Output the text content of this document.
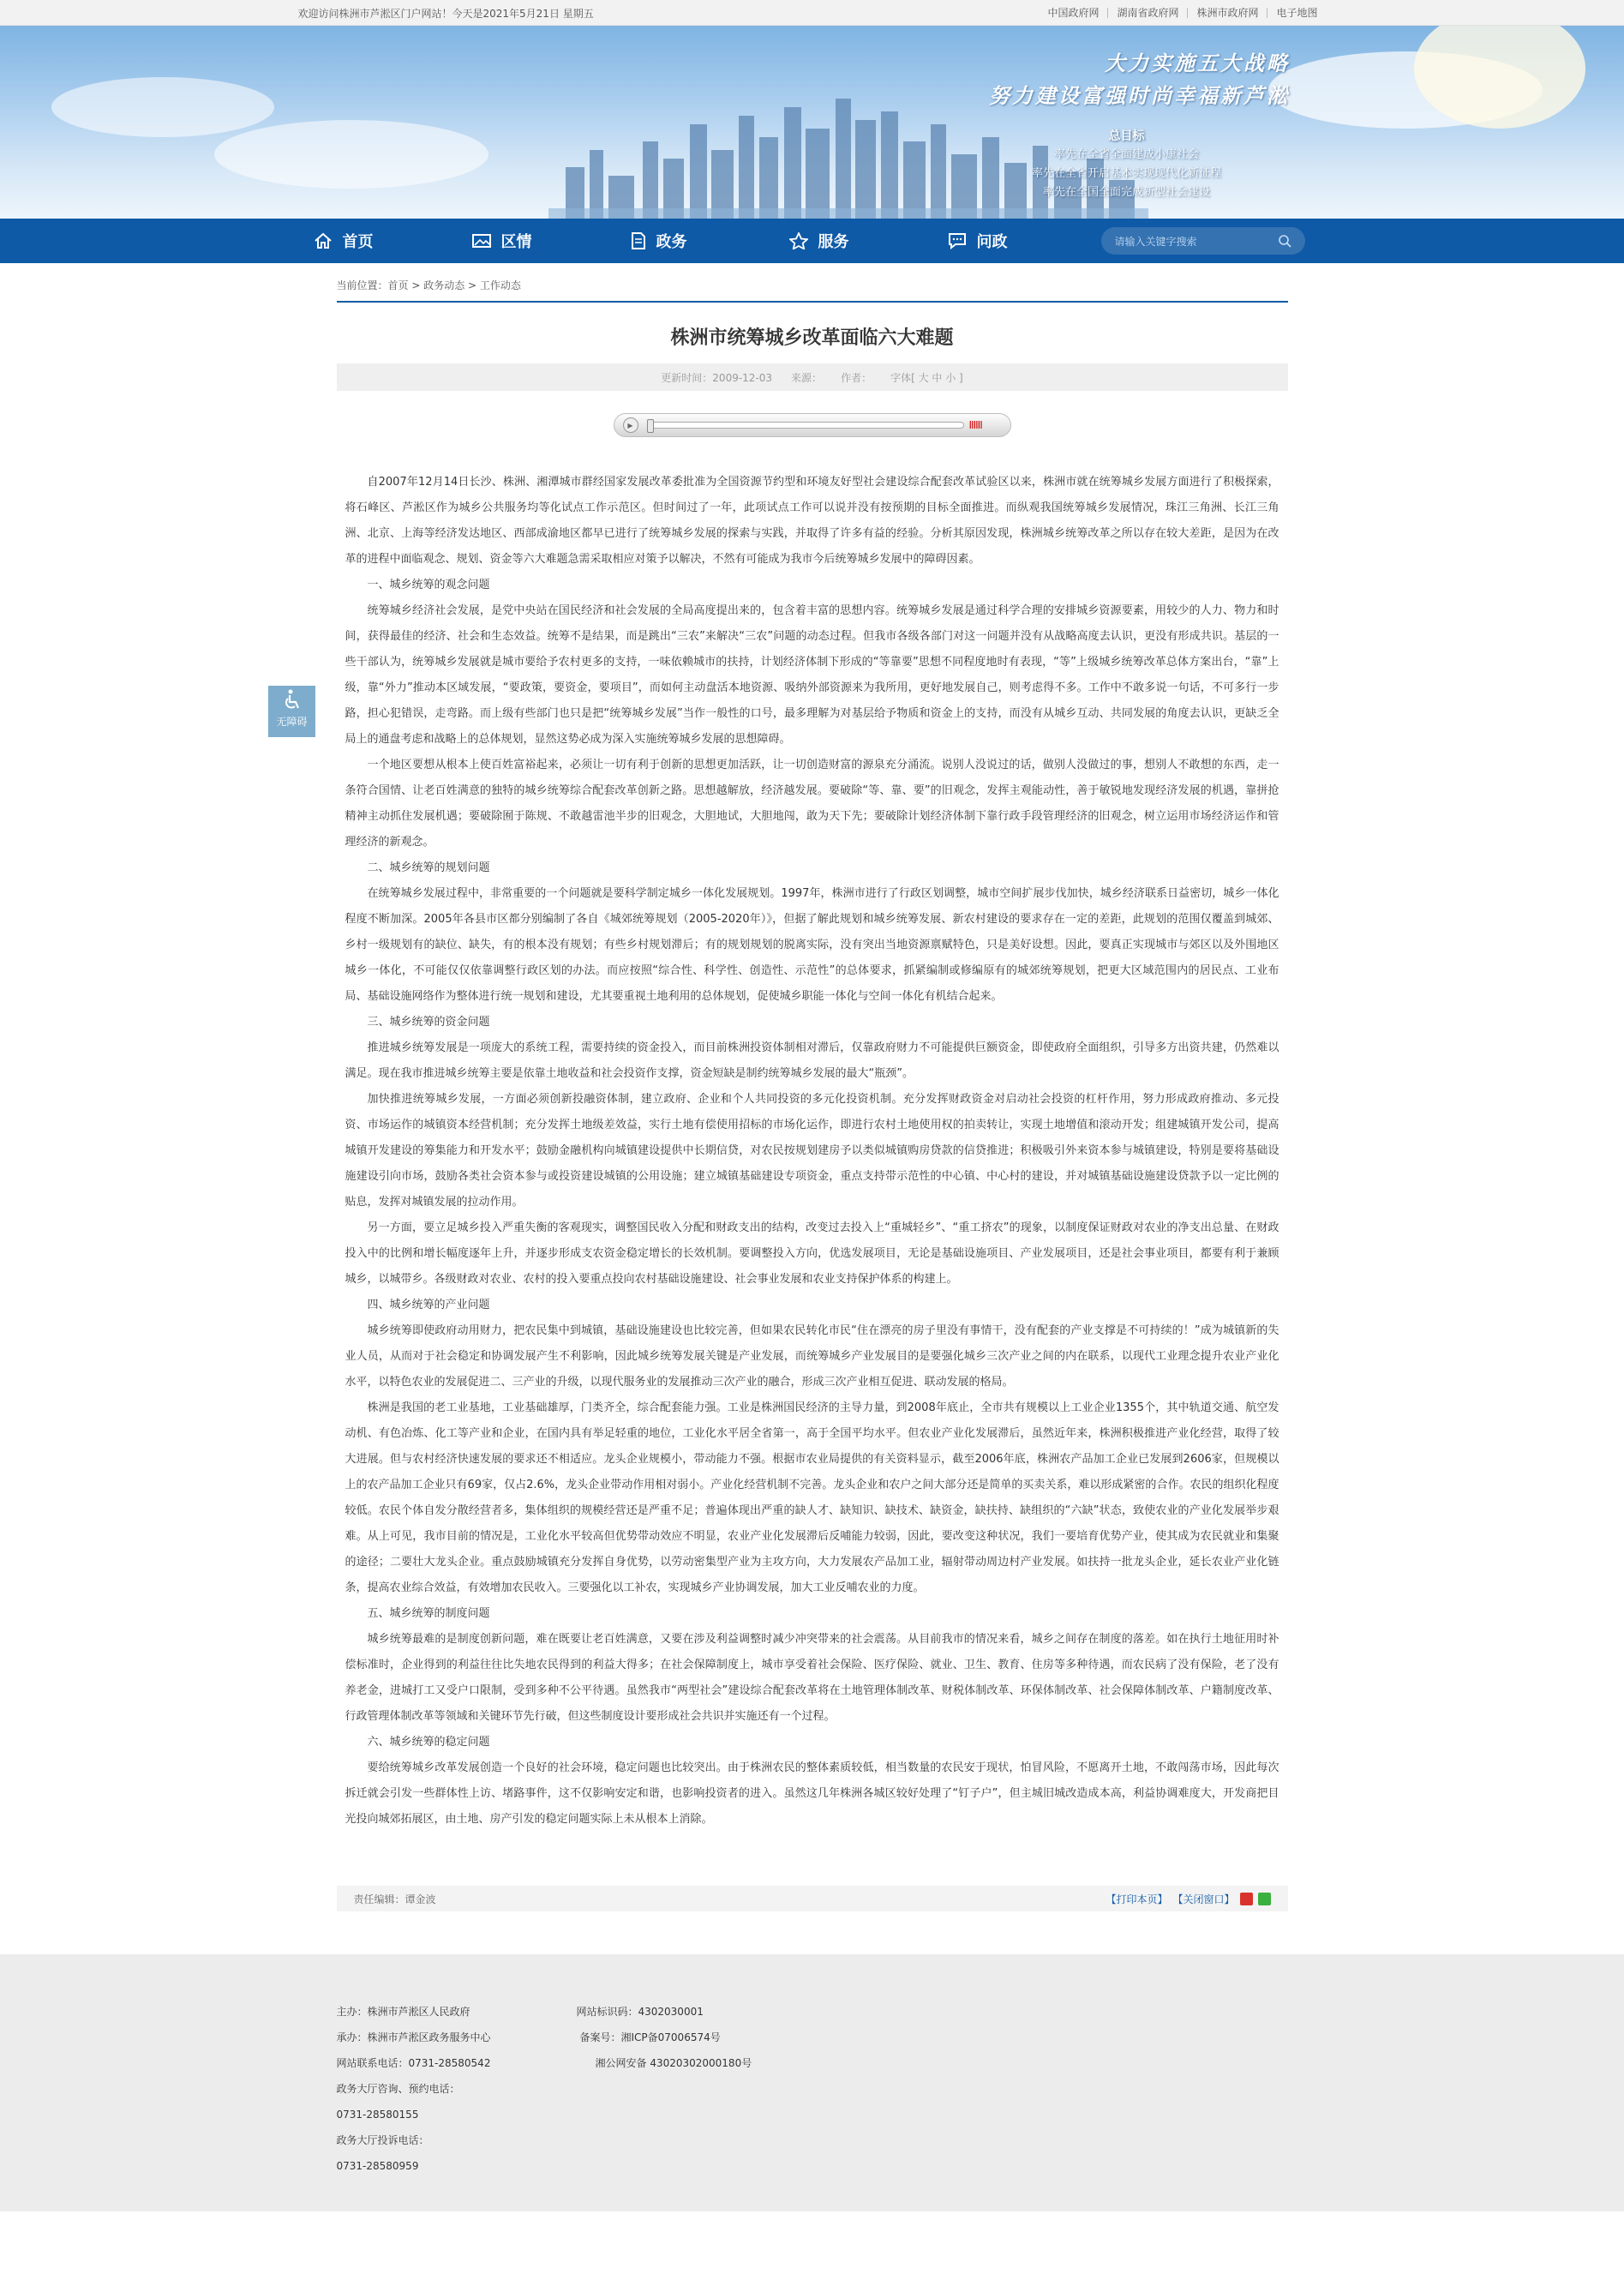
欢迎访问株洲市芦淞区门户网站！今天是2021年5月21日 星期五	中国政府网	湖南省政府网	株洲市政府网	电子地图
大力实施五大战略
努力建设富强时尚幸福新芦淞
总目标
率先在全省全面建成小康社会
率先在全省开启基本实现现代化新征程
率先在全国全面完成新型社会建设
首页	区情	政务	服务	问政	请输入关键字搜索
无障碍
当前位置：首页 > 政务动态 > 工作动态
株洲市统筹城乡改革面临六大难题
更新时间：2009-12-03 来源： 作者： 字体[ 大 中 小 ]
▶	IIIIII

自2007年12月14日长沙、株洲、湘潭城市群经国家发展改革委批准为全国资源节约型和环境友好型社会建设综合配套改革试验区以来，株洲市就在统筹城乡发展方面进行了积极探索，将石峰区、芦淞区作为城乡公共服务均等化试点工作示范区。但时间过了一年，此项试点工作可以说并没有按预期的目标全面推进。而纵观我国统筹城乡发展情况，珠江三角洲、长江三角洲、北京、上海等经济发达地区、西部成渝地区都早已进行了统筹城乡发展的探索与实践，并取得了许多有益的经验。分析其原因发现，株洲城乡统筹改革之所以存在较大差距，是因为在改革的进程中面临观念、规划、资金等六大难题急需采取相应对策予以解决，不然有可能成为我市今后统筹城乡发展中的障碍因素。

一、城乡统筹的观念问题

统筹城乡经济社会发展，是党中央站在国民经济和社会发展的全局高度提出来的，包含着丰富的思想内容。统筹城乡发展是通过科学合理的安排城乡资源要素，用较少的人力、物力和时间，获得最佳的经济、社会和生态效益。统筹不是结果，而是跳出“三农”来解决“三农”问题的动态过程。但我市各级各部门对这一问题并没有从战略高度去认识，更没有形成共识。基层的一些干部认为，统筹城乡发展就是城市要给予农村更多的支持，一味依赖城市的扶持，计划经济体制下形成的“等靠要”思想不同程度地时有表现，“等”上级城乡统筹改革总体方案出台，“靠”上级，靠“外力”推动本区域发展，“要政策，要资金，要项目”，而如何主动盘活本地资源、吸纳外部资源来为我所用，更好地发展自己，则考虑得不多。工作中不敢多说一句话，不可多行一步路，担心犯错误，走弯路。而上级有些部门也只是把“统筹城乡发展”当作一般性的口号，最多理解为对基层给予物质和资金上的支持，而没有从城乡互动、共同发展的角度去认识，更缺乏全局上的通盘考虑和战略上的总体规划，显然这势必成为深入实施统筹城乡发展的思想障碍。

一个地区要想从根本上使百姓富裕起来，必须让一切有利于创新的思想更加活跃，让一切创造财富的源泉充分涌流。说别人没说过的话，做别人没做过的事，想别人不敢想的东西，走一条符合国情、让老百姓满意的独特的城乡统筹综合配套改革创新之路。思想越解放，经济越发展。要破除“等、靠、要”的旧观念，发挥主观能动性，善于敏锐地发现经济发展的机遇，靠拼抢精神主动抓住发展机遇；要破除囿于陈规、不敢越雷池半步的旧观念，大胆地试，大胆地闯，敢为天下先；要破除计划经济体制下靠行政手段管理经济的旧观念，树立运用市场经济运作和管理经济的新观念。

二、城乡统筹的规划问题

在统筹城乡发展过程中，非常重要的一个问题就是要科学制定城乡一体化发展规划。1997年，株洲市进行了行政区划调整，城市空间扩展步伐加快，城乡经济联系日益密切，城乡一体化程度不断加深。2005年各县市区都分别编制了各自《城郊统筹规划（2005-2020年）》，但据了解此规划和城乡统筹发展、新农村建设的要求存在一定的差距，此规划的范围仅覆盖到城郊、乡村一级规划有的缺位、缺失，有的根本没有规划；有些乡村规划滞后；有的规划规划的脱离实际，没有突出当地资源禀赋特色，只是美好设想。因此，要真正实现城市与郊区以及外围地区城乡一体化，不可能仅仅依靠调整行政区划的办法。而应按照“综合性、科学性、创造性、示范性”的总体要求，抓紧编制或修编原有的城郊统筹规划，把更大区域范围内的居民点、工业布局、基础设施网络作为整体进行统一规划和建设，尤其要重视土地利用的总体规划，促使城乡职能一体化与空间一体化有机结合起来。

三、城乡统筹的资金问题

推进城乡统筹发展是一项庞大的系统工程，需要持续的资金投入，而目前株洲投资体制相对滞后，仅靠政府财力不可能提供巨额资金，即使政府全面组织，引导多方出资共建，仍然难以满足。现在我市推进城乡统筹主要是依靠土地收益和社会投资作支撑，资金短缺是制约统筹城乡发展的最大“瓶颈”。

加快推进统筹城乡发展，一方面必须创新投融资体制，建立政府、企业和个人共同投资的多元化投资机制。充分发挥财政资金对启动社会投资的杠杆作用，努力形成政府推动、多元投资、市场运作的城镇资本经营机制；充分发挥土地级差效益，实行土地有偿使用招标的市场化运作，即进行农村土地使用权的拍卖转让，实现土地增值和滚动开发；组建城镇开发公司，提高城镇开发建设的筹集能力和开发水平；鼓励金融机构向城镇建设提供中长期信贷，对农民按规划建房予以类似城镇购房贷款的信贷推进；积极吸引外来资本参与城镇建设，特别是要将基础设施建设引向市场，鼓励各类社会资本参与或投资建设城镇的公用设施；建立城镇基础建设专项资金，重点支持带示范性的中心镇、中心村的建设，并对城镇基础设施建设贷款予以一定比例的贴息，发挥对城镇发展的拉动作用。

另一方面，要立足城乡投入严重失衡的客观现实，调整国民收入分配和财政支出的结构，改变过去投入上“重城轻乡”、“重工挤农”的现象，以制度保证财政对农业的净支出总量、在财政投入中的比例和增长幅度逐年上升，并逐步形成支农资金稳定增长的长效机制。要调整投入方向，优选发展项目，无论是基础设施项目、产业发展项目，还是社会事业项目，都要有利于兼顾城乡，以城带乡。各级财政对农业、农村的投入要重点投向农村基础设施建设、社会事业发展和农业支持保护体系的构建上。

四、城乡统筹的产业问题

城乡统筹即使政府动用财力，把农民集中到城镇，基础设施建设也比较完善，但如果农民转化市民“住在漂亮的房子里没有事情干，没有配套的产业支撑是不可持续的！”成为城镇新的失业人员，从而对于社会稳定和协调发展产生不利影响，因此城乡统筹发展关键是产业发展，而统筹城乡产业发展目的是要强化城乡三次产业之间的内在联系，以现代工业理念提升农业产业化水平，以特色农业的发展促进二、三产业的升级，以现代服务业的发展推动三次产业的融合，形成三次产业相互促进、联动发展的格局。

株洲是我国的老工业基地，工业基础雄厚，门类齐全，综合配套能力强。工业是株洲国民经济的主导力量，到2008年底止，全市共有规模以上工业企业1355个，其中轨道交通、航空发动机、有色冶炼、化工等产业和企业，在国内具有举足轻重的地位，工业化水平居全省第一，高于全国平均水平。但农业产业化发展滞后，虽然近年来，株洲积极推进产业化经营，取得了较大进展。但与农村经济快速发展的要求还不相适应。龙头企业规模小，带动能力不强。根据市农业局提供的有关资料显示，截至2006年底，株洲农产品加工企业已发展到2606家，但规模以上的农产品加工企业只有69家，仅占2.6%，龙头企业带动作用相对弱小。产业化经营机制不完善。龙头企业和农户之间大部分还是简单的买卖关系，难以形成紧密的合作。农民的组织化程度较低。农民个体自发分散经营者多，集体组织的规模经营还是严重不足；普遍体现出严重的缺人才、缺知识、缺技术、缺资金，缺扶持、缺组织的“六缺”状态，致使农业的产业化发展举步艰难。从上可见，我市目前的情况是，工业化水平较高但优势带动效应不明显，农业产业化发展滞后反哺能力较弱，因此，要改变这种状况，我们一要培育优势产业，使其成为农民就业和集聚的途径；二要壮大龙头企业。重点鼓励城镇充分发挥自身优势，以劳动密集型产业为主攻方向，大力发展农产品加工业，辐射带动周边村产业发展。如扶持一批龙头企业，延长农业产业化链条，提高农业综合效益，有效增加农民收入。三要强化以工补农，实现城乡产业协调发展，加大工业反哺农业的力度。

五、城乡统筹的制度问题

城乡统筹最难的是制度创新问题，难在既要让老百姓满意，又要在涉及利益调整时减少冲突带来的社会震荡。从目前我市的情况来看，城乡之间存在制度的落差。如在执行土地征用时补偿标准时，企业得到的利益往往比失地农民得到的利益大得多；在社会保障制度上，城市享受着社会保险、医疗保险、就业、卫生、教育、住房等多种待遇，而农民病了没有保险，老了没有养老金，进城打工又受户口限制，受到多种不公平待遇。虽然我市“两型社会”建设综合配套改革将在土地管理体制改革、财税体制改革、环保体制改革、社会保障体制改革、户籍制度改革、行政管理体制改革等领域和关键环节先行破，但这些制度设计要形成社会共识并实施还有一个过程。

六、城乡统筹的稳定问题

要给统筹城乡改革发展创造一个良好的社会环境，稳定问题也比较突出。由于株洲农民的整体素质较低，相当数量的农民安于现状，怕冒风险，不愿离开土地，不敢闯荡市场，因此每次拆迁就会引发一些群体性上访、堵路事件，这不仅影响安定和谐，也影响投资者的进入。虽然这几年株洲各城区较好处理了“钉子户”，但主城旧城改造成本高，利益协调难度大，开发商把目光投向城郊拓展区，由土地、房产引发的稳定问题实际上未从根本上消除。

责任编辑：谭金波	【打印本页】 【关闭窗口】
主办：株洲市芦淞区人民政府
承办：株洲市芦淞区政务服务中心
网站联系电话：0731-28580542
政务大厅咨询、预约电话：
0731-28580155
政务大厅投诉电话：
0731-28580959
网站标识码：4302030001
备案号：湘ICP备07006574号
湘公网安备 43020302000180号
